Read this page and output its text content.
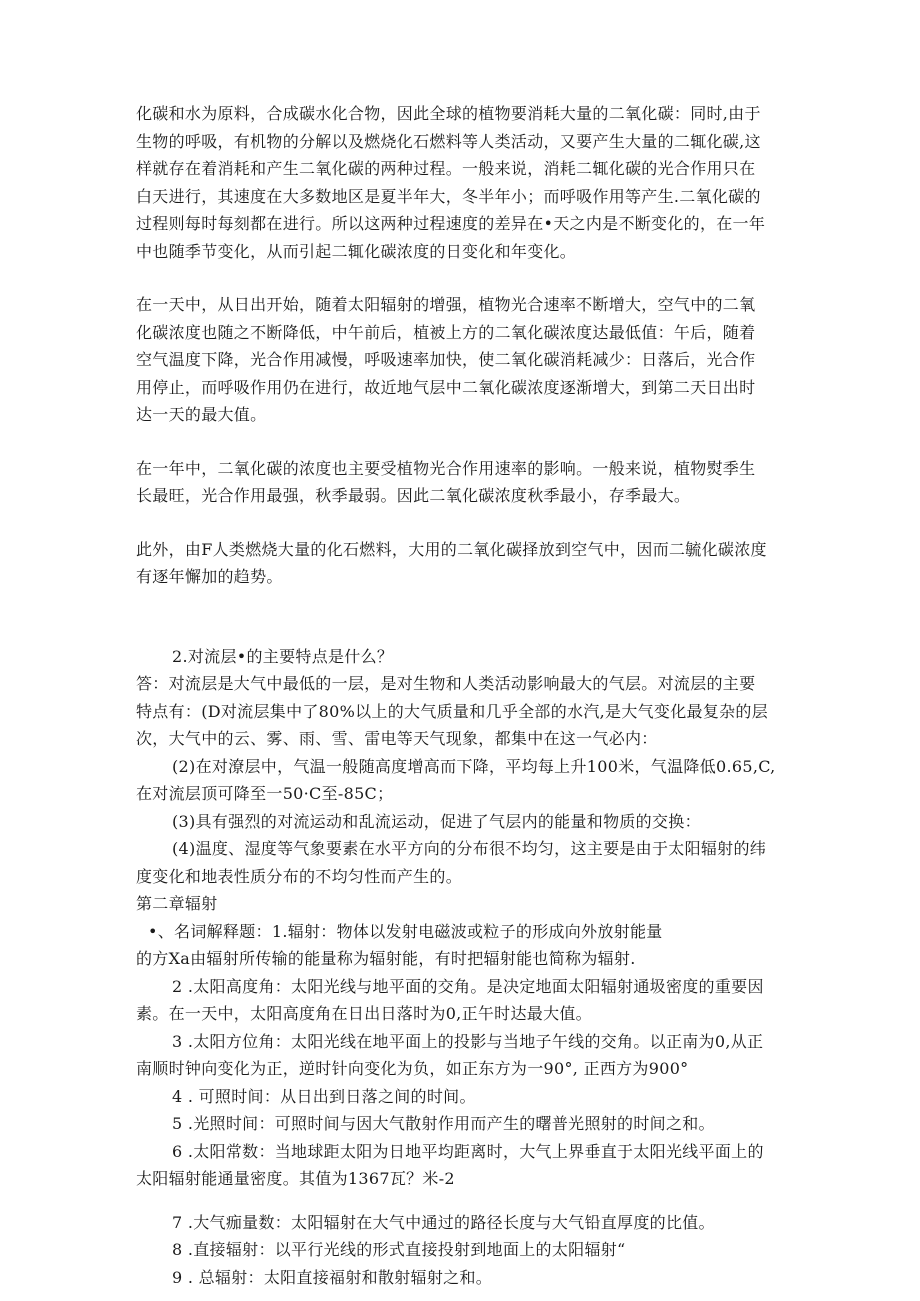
化碳和水为原料，合成碳水化合物，因此全球的植物要消耗大量的二氧化碳：同时,由于
生物的呼吸，有机物的分解以及燃烧化石燃料等人类活动，又要产生大量的二辄化碳,这
样就存在着消耗和产生二氧化碳的两种过程。一般来说，消耗二辄化碳的光合作用只在
白天进行，其速度在大多数地区是夏半年大，冬半年小；而呼吸作用等产生.二氧化碳的
过程则每时每刻都在进行。所以这两种过程速度的差异在•天之内是不断变化的，在一年
中也随季节变化，从而引起二辄化碳浓度的日变化和年变化。
在一天中，从日出开始，随着太阳辐射的增强，植物光合速率不断增大，空气中的二氧
化碳浓度也随之不断降低，中午前后，植被上方的二氧化碳浓度达最低值：午后，随着
空气温度下降，光合作用减慢，呼吸速率加快，使二氧化碳消耗减少：日落后，光合作
用停止，而呼吸作用仍在进行，故近地气层中二氧化碳浓度逐渐增大，到第二天日出时
达一天的最大值。
在一年中，二氧化碳的浓度也主要受植物光合作用速率的影响。一般来说，植物熨季生
长最旺，光合作用最强，秋季最弱。因此二氧化碳浓度秋季最小，存季最大。
此外，由F人类燃烧大量的化石燃料，大用的二氧化碳择放到空气中，因而二毓化碳浓度
有逐年懈加的趋势。
2.对流层•的主要特点是什么？
答：对流层是大气中最低的一层，是对生物和人类活动影响最大的气层。对流层的主要
特点有：(D对流层集中了80%以上的大气质量和几乎全部的水汽,是大气变化最复杂的层
次，大气中的云、雾、雨、雪、雷电等天气现象，都集中在这一气必内：
(2)在对潦层中，气温一般随高度增高而下降，平均每上升100米，气温降低0.65,C,
在对流层顶可降至一50·C至-85C；
(3)具有强烈的对流运动和乱流运动，促进了气层内的能量和物质的交换：
(4)温度、湿度等气象要素在水平方向的分布很不均匀，这主要是由于太阳辐射的纬
度变化和地表性质分布的不均匀性而产生的。
第二章辐射
•、名词解释题：1.辐射：物体以发射电磁波或粒子的形成向外放射能量
的方Xa由辐射所传输的能量称为辐射能，有时把辐射能也简称为辐射.
2 .太阳高度角：太阳光线与地平面的交角。是决定地面太阳辐射通圾密度的重要因
素。在一天中，太阳高度角在日出日落时为0,正午时达最大值。
3 .太阳方位角：太阳光线在地平面上的投影与当地子午线的交角。以正南为0,从正
南顺时钟向变化为正，逆时针向变化为负，如正东方为一90°, 正西方为900°
4 . 可照时间：从日出到日落之间的时间。
5 .光照时间：可照时间与因大气散射作用而产生的曙普光照射的时间之和。
6 .太阳常数：当地球距太阳为日地平均距离时，大气上界垂直于太阳光线平面上的
太阳辐射能通量密度。其值为1367瓦？米-2
7 .大气痂量数：太阳辐射在大气中通过的路径长度与大气铅直厚度的比值。
8 .直接辐射：以平行光线的形式直接投射到地面上的太阳辐射“
9 . 总辐射：太阳直接福射和散射辐射之和。
